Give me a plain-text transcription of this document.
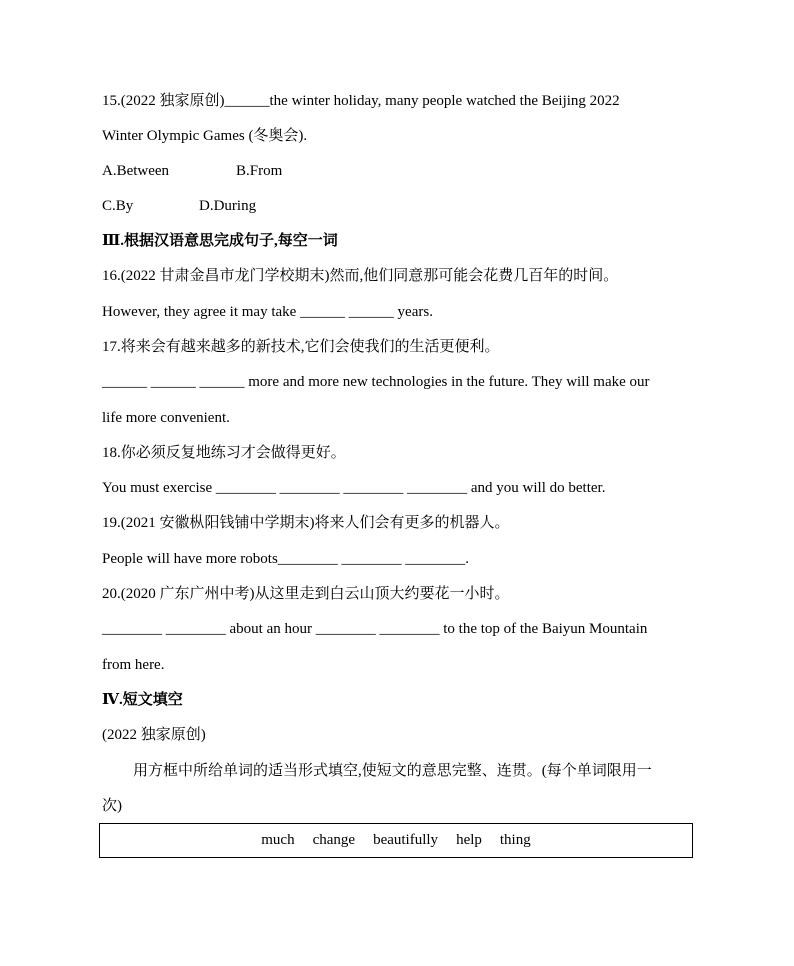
15.(2022 独家原创)______the winter holiday, many people watched the Beijing 2022
Winter Olympic Games (冬奥会).
A.Between	B.From
C.By	D.During
Ⅲ.根据汉语意思完成句子,每空一词
16.(2022 甘肃金昌市龙门学校期末)然而,他们同意那可能会花费几百年的时间。
However, they agree it may take ______ ______ years.
17.将来会有越来越多的新技术,它们会使我们的生活更便利。
______ ______ ______ more and more new technologies in the future. They will make our
life more convenient.
18.你必须反复地练习才会做得更好。
You must exercise ________ ________ ________ ________ and you will do better.
19.(2021 安徽枞阳钱铺中学期末)将来人们会有更多的机器人。
People will have more robots________ ________ ________.
20.(2020 广东广州中考)从这里走到白云山顶大约要花一小时。
________ ________ about an hour ________ ________ to the top of the Baiyun Mountain
from here.
Ⅳ.短文填空
(2022 独家原创)
用方框中所给单词的适当形式填空,使短文的意思完整、连贯。(每个单词限用一
次)
much change beautifully help thing
